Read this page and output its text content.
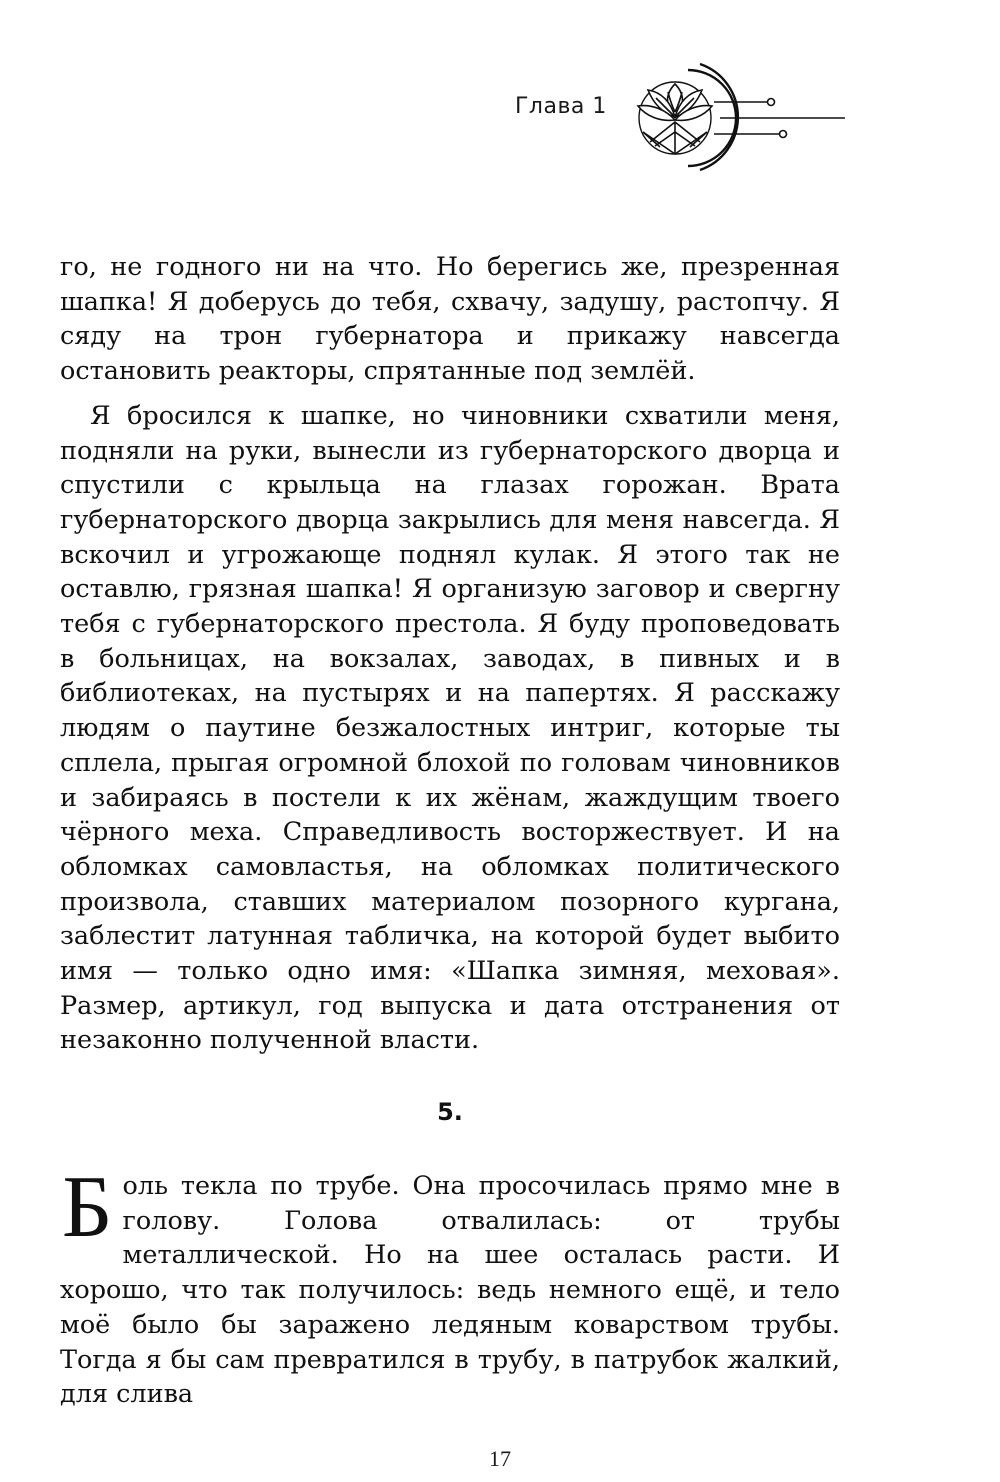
Глава 1

го, не годного ни на что. Но берегись же, презренная шапка! Я доберусь до тебя, схвачу, задушу, растопчу. Я сяду на трон губернатора и прикажу навсегда остановить реакторы, спрятанные под землёй.

Я бросился к шапке, но чиновники схватили меня, подняли на руки, вынесли из губернаторского дворца и спустили с крыльца на глазах горожан. Врата губернаторского дворца закрылись для меня навсегда. Я вскочил и угрожающе поднял кулак. Я этого так не оставлю, грязная шапка! Я организую заговор и свергну тебя с губернаторского престола. Я буду проповедовать в больницах, на вокзалах, заводах, в пивных и в библиотеках, на пустырях и на папертях. Я расскажу людям о паутине безжалостных интриг, которые ты сплела, прыгая огромной блохой по головам чиновников и забираясь в постели к их жёнам, жаждущим твоего чёрного меха. Справедливость восторжествует. И на обломках самовластья, на обломках политического произвола, ставших материалом позорного кургана, заблестит латунная табличка, на которой будет выбито имя — только одно имя: «Шапка зимняя, меховая». Размер, артикул, год выпуска и дата отстранения от незаконно полученной власти.

5.

Боль текла по трубе. Она просочилась прямо мне в голову. Голова отвалилась: от трубы металлической. Но на шее осталась расти. И хорошо, что так получилось: ведь немного ещё, и тело моё было бы заражено ледяным коварством трубы. Тогда я бы сам превратился в трубу, в патрубок жалкий, для слива

17
